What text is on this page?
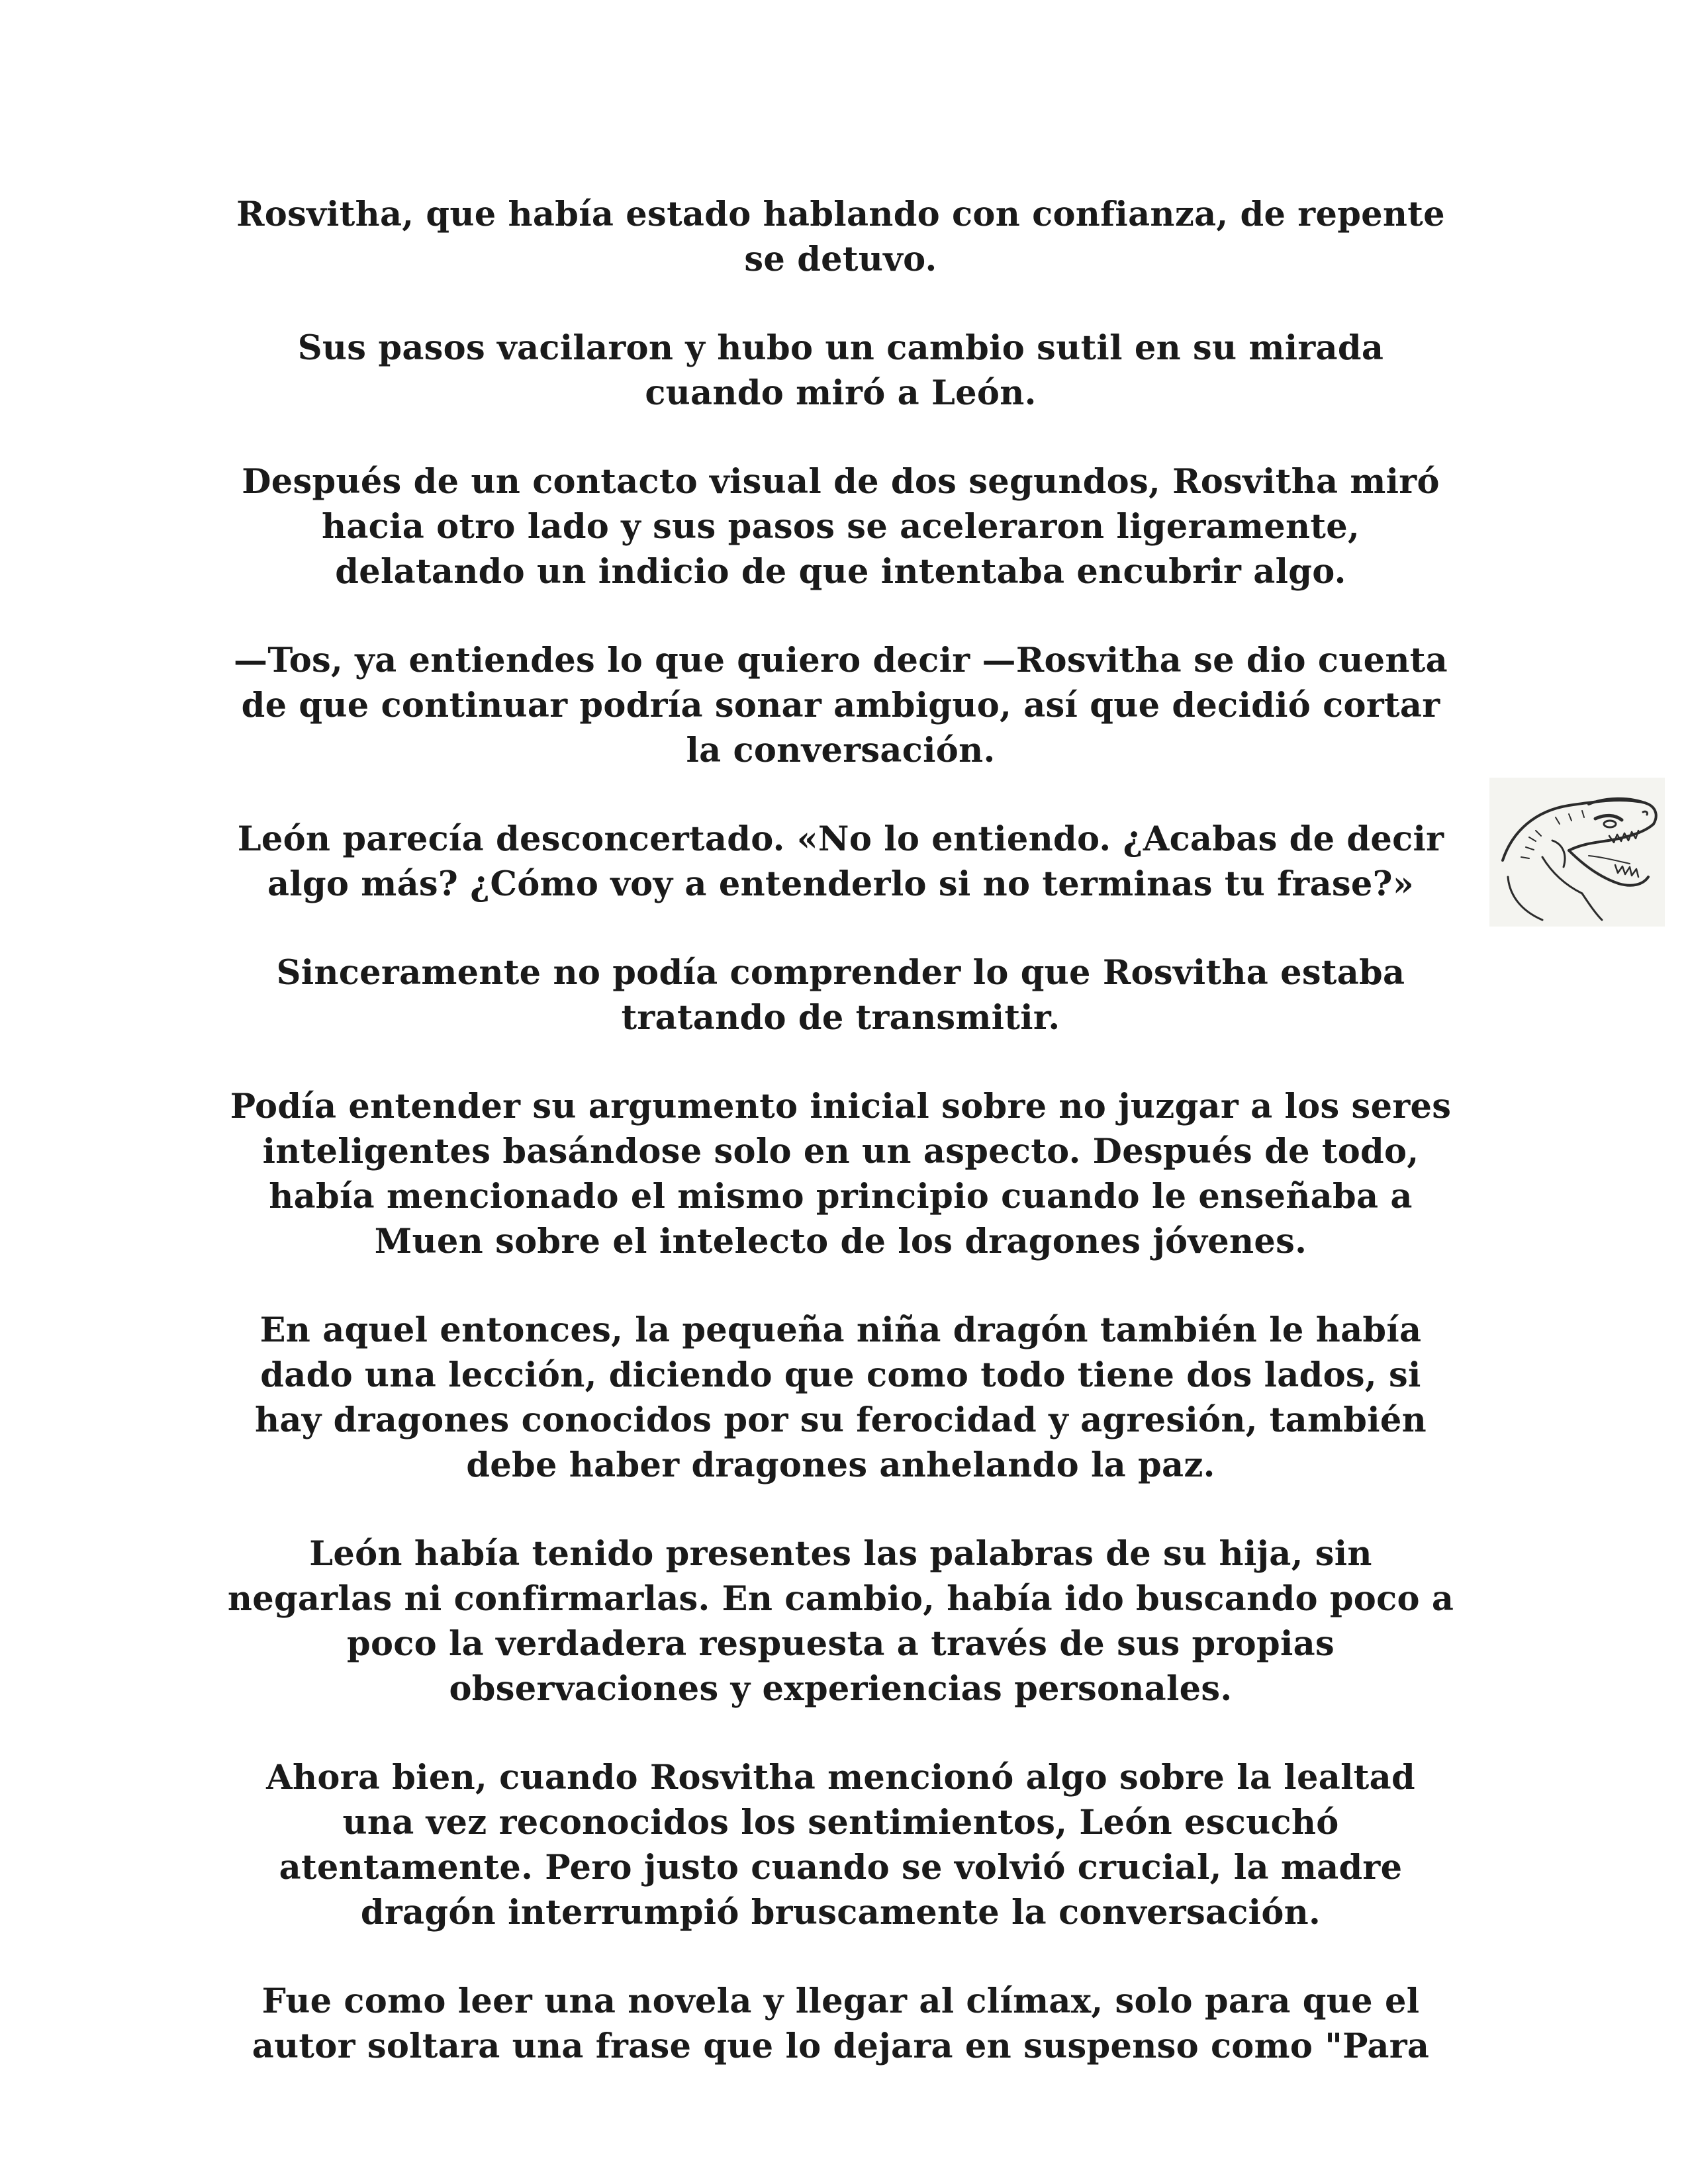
Rosvitha, que había estado hablando con confianza, de repente se detuvo.

Sus pasos vacilaron y hubo un cambio sutil en su mirada cuando miró a León.

Después de un contacto visual de dos segundos, Rosvitha miró hacia otro lado y sus pasos se aceleraron ligeramente, delatando un indicio de que intentaba encubrir algo.

—Tos, ya entiendes lo que quiero decir —Rosvitha se dio cuenta de que continuar podría sonar ambiguo, así que decidió cortar la conversación.

León parecía desconcertado. «No lo entiendo. ¿Acabas de decir algo más? ¿Cómo voy a entenderlo si no terminas tu frase?»

Sinceramente no podía comprender lo que Rosvitha estaba tratando de transmitir.

Podía entender su argumento inicial sobre no juzgar a los seres inteligentes basándose solo en un aspecto. Después de todo, había mencionado el mismo principio cuando le enseñaba a Muen sobre el intelecto de los dragones jóvenes.

En aquel entonces, la pequeña niña dragón también le había dado una lección, diciendo que como todo tiene dos lados, si hay dragones conocidos por su ferocidad y agresión, también debe haber dragones anhelando la paz.

León había tenido presentes las palabras de su hija, sin negarlas ni confirmarlas. En cambio, había ido buscando poco a poco la verdadera respuesta a través de sus propias observaciones y experiencias personales.

Ahora bien, cuando Rosvitha mencionó algo sobre la lealtad una vez reconocidos los sentimientos, León escuchó atentamente. Pero justo cuando se volvió crucial, la madre dragón interrumpió bruscamente la conversación.

Fue como leer una novela y llegar al clímax, solo para que el autor soltara una frase que lo dejara en suspenso como "Para
